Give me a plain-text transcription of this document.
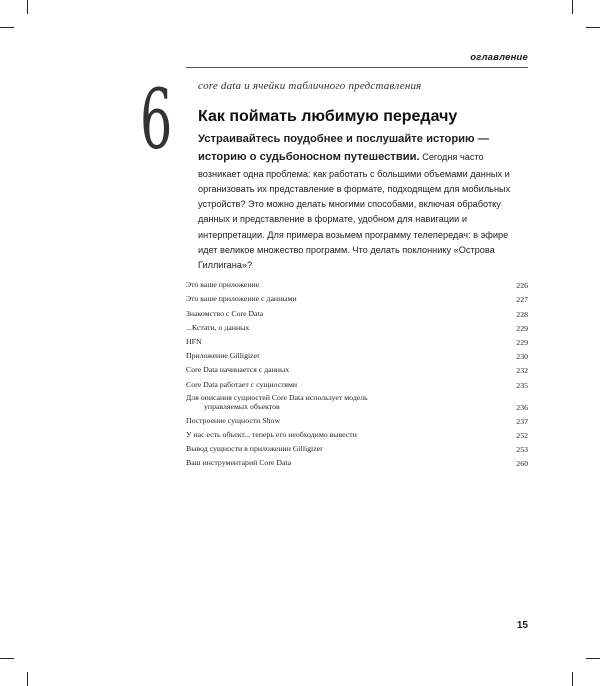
оглавление
6 core data и ячейки табличного представления
Как поймать любимую передачу
Устраивайтесь поудобнее и послушайте историю — историю о судьбоносном путешествии. Сегодня часто возникает одна проблема: как работать с большими объемами данных и организовать их представление в формате, подходящем для мобильных устройств? Это можно делать многими способами, включая обработку данных и представление в формате, удобном для навигации и интерпретации. Для примера возьмем программу телепередач: в эфире идет великое множество программ. Что делать поклоннику «Острова Гиллигана»?
Это ваше приложение	226
Это ваше приложение с данными	227
Знакомство с Core Data	228
...Кстати, о данных	229
HFN	229
Приложение Gilligizer	230
Core Data начинается с данных	232
Core Data работает с сущностями	235
Для описания сущностей Core Data использует модель
управляемых объектов	236
Построение сущности Show	237
У нас есть объект... теперь его необходимо вывести	252
Вывод сущности в приложении Gilligizer	253
Ваш инструментарий Core Data	260
15
